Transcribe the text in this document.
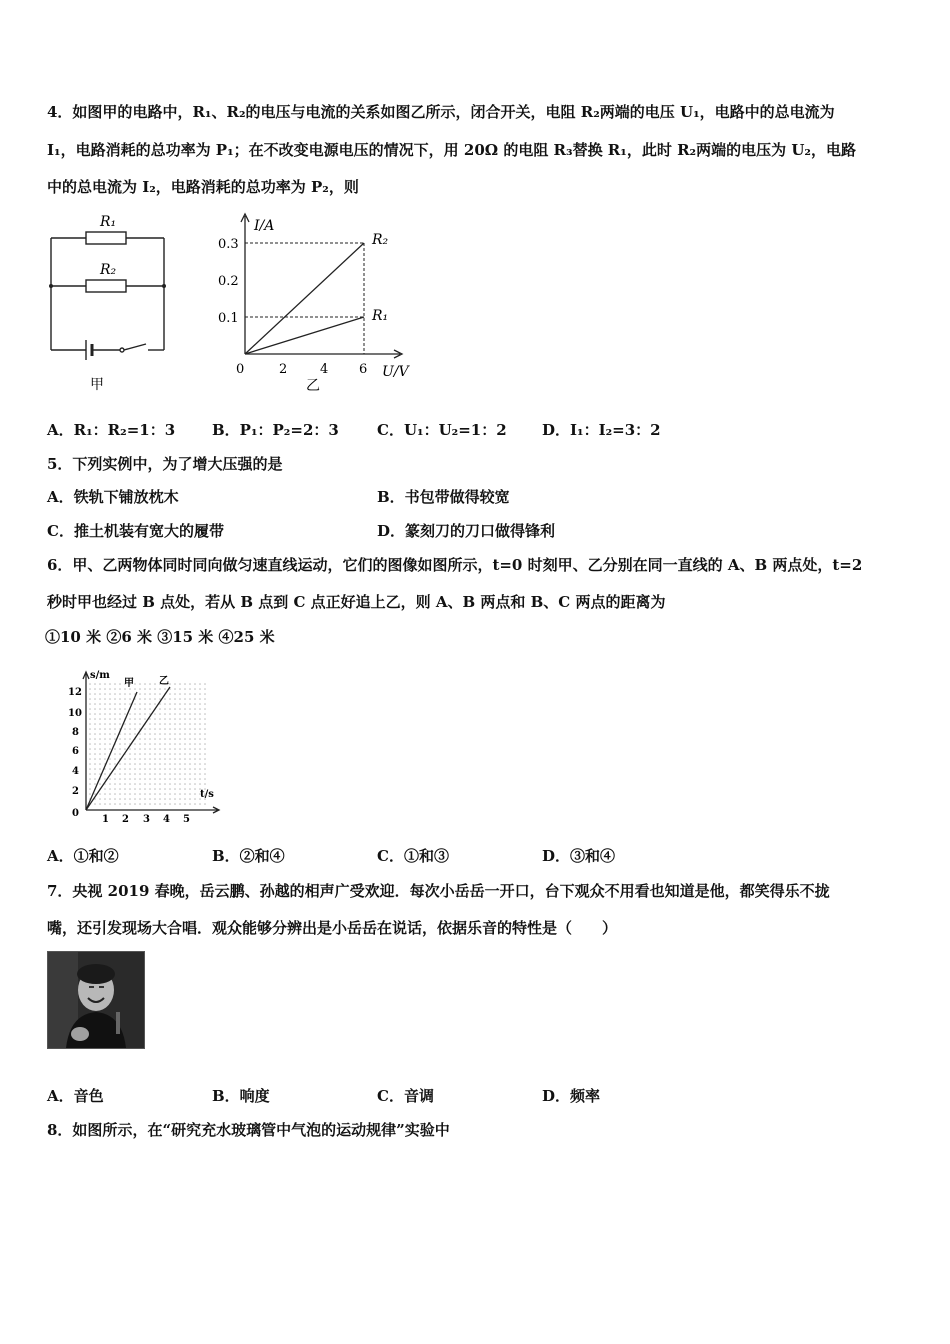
4．如图甲的电路中，R₁、R₂的电压与电流的关系如图乙所示，闭合开关，电阻 R₂两端的电压 U₁，电路中的总电流为
I₁，电路消耗的总功率为 P₁；在不改变电源电压的情况下，用 20Ω 的电阻 R₃替换 R₁，此时 R₂两端的电压为 U₂，电路
中的总电流为 I₂，电路消耗的总功率为 P₂，则
R₁
R₂
甲
I/A
U/V
0.3
0.2
0.1
0	2	4 6
R₂
R₁
乙
A．R₁：R₂=1：3 B．P₁：P₂=2：3	C．U₁：U₂=1：2 D．I₁：I₂=3：2
5．下列实例中，为了增大压强的是
A．铁轨下铺放枕木	B．书包带做得较宽
C．推土机装有宽大的履带	D．篆刻刀的刀口做得锋利
6．甲、乙两物体同时同向做匀速直线运动，它们的图像如图所示，t=0 时刻甲、乙分别在同一直线的 A、B 两点处，t=2
秒时甲也经过 B 点处，若从 B 点到 C 点正好追上乙，则 A、B 两点和 B、C 两点的距离为
①10 米 ②6 米 ③15 米 ④25 米
s/m
t/s
甲	乙
12
10
8
6
4
2
0
1 2 3 4 5
A．①和②	B．②和④	C．①和③	D．③和④
7．央视 2019 春晚，岳云鹏、孙越的相声广受欢迎．每次小岳岳一开口，台下观众不用看也知道是他，都笑得乐不拢
嘴，还引发现场大合唱．观众能够分辨出是小岳岳在说话，依据乐音的特性是（　　）
A．音色	B．响度	C．音调	D．频率
8．如图所示，在“研究充水玻璃管中气泡的运动规律”实验中
